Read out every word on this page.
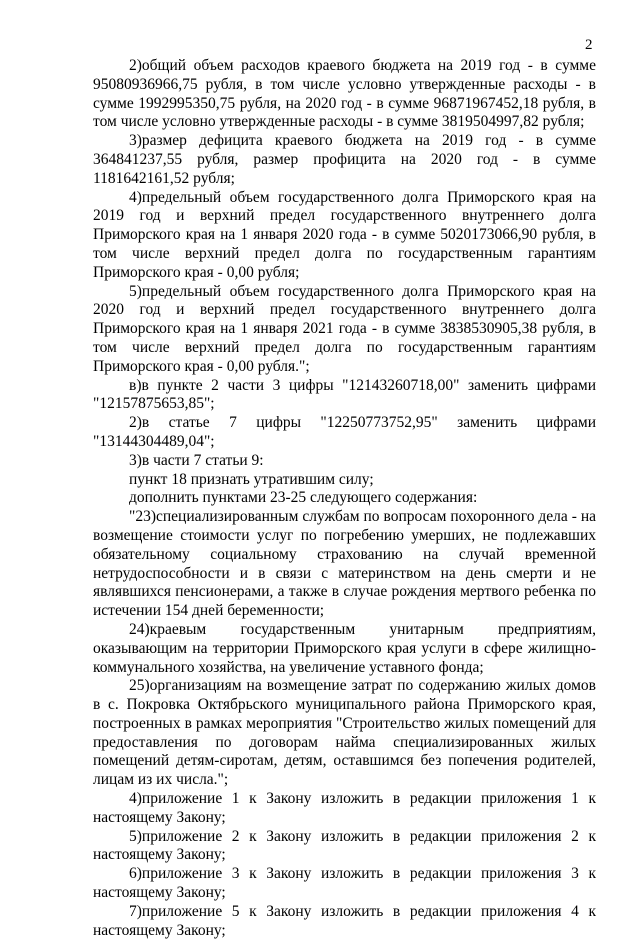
2

2)общий объем расходов краевого бюджета на 2019 год - в сумме 95080936966,75 рубля, в том числе условно утвержденные расходы - в сумме 1992995350,75 рубля, на 2020 год - в сумме 96871967452,18 рубля, в том числе условно утвержденные расходы - в сумме 3819504997,82 рубля;

3)размер дефицита краевого бюджета на 2019 год - в сумме 364841237,55 рубля, размер профицита на 2020 год - в сумме 1181642161,52 рубля;

4)предельный объем государственного долга Приморского края на 2019 год и верхний предел государственного внутреннего долга Приморского края на 1 января 2020 года - в сумме 5020173066,90 рубля, в том числе верхний предел долга по государственным гарантиям Приморского края - 0,00 рубля;

5)предельный объем государственного долга Приморского края на 2020 год и верхний предел государственного внутреннего долга Приморского края на 1 января 2021 года - в сумме 3838530905,38 рубля, в том числе верхний предел долга по государственным гарантиям Приморского края - 0,00 рубля.";

в)в пункте 2 части 3 цифры "12143260718,00" заменить цифрами "12157875653,85";

2)в статье 7 цифры "12250773752,95" заменить цифрами "13144304489,04";

3)в части 7 статьи 9:

пункт 18 признать утратившим силу;

дополнить пунктами 23-25 следующего содержания:

"23)специализированным службам по вопросам похоронного дела - на возмещение стоимости услуг по погребению умерших, не подлежавших обязательному социальному страхованию на случай временной нетрудоспособности и в связи с материнством на день смерти и не являвшихся пенсионерами, а также в случае рождения мертвого ребенка по истечении 154 дней беременности;

24)краевым государственным унитарным предприятиям, оказывающим на территории Приморского края услуги в сфере жилищно-коммунального хозяйства, на увеличение уставного фонда;

25)организациям на возмещение затрат по содержанию жилых домов в с. Покровка Октябрьского муниципального района Приморского края, построенных в рамках мероприятия "Строительство жилых помещений для предоставления по договорам найма специализированных жилых помещений детям-сиротам, детям, оставшимся без попечения родителей, лицам из их числа.";

4)приложение 1 к Закону изложить в редакции приложения 1 к настоящему Закону;

5)приложение 2 к Закону изложить в редакции приложения 2 к настоящему Закону;

6)приложение 3 к Закону изложить в редакции приложения 3 к настоящему Закону;

7)приложение 5 к Закону изложить в редакции приложения 4 к настоящему Закону;
